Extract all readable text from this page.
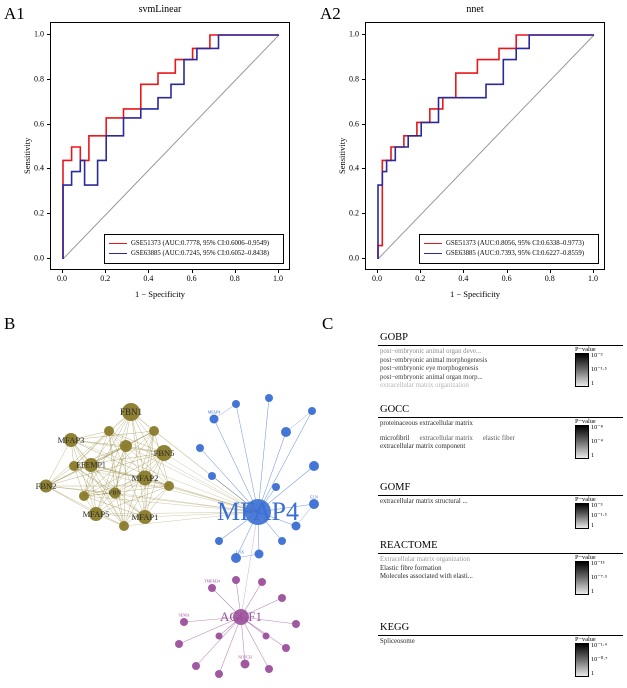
A1	A2
B	C
svmLinear
0.0	0.2	0.4	0.6	0.8	1.0
0.0
0.2
0.4
0.6
0.8
1.0
1 − Specificity
Sensitivity
GSE51373 (AUC:0.7778, 95% CI:0.6006–0.9549)
GSE63885 (AUC:0.7245, 95% CI:0.6052–0.8438)
nnet
0.0	0.2	0.4	0.6	0.8	1.0
0.0
0.2
0.4
0.6
0.8
1.0
1 − Specificity
Sensitivity
GSE51373 (AUC:0.8056, 95% CI:0.6338–0.9773)
GSE63885 (AUC:0.7393, 95% CI:0.6227–0.8559)
FBN1
MFAP3
FBN5
EFEMP1
MFAP2
FBN2
FBN
MFAP5	MFAP1
MFAP4
ELN
LOX
TMEM34
SEMA
NOTCH
MFAP4
AGGF1
GOBP
post−embryonic animal organ deve...
post−embryonic animal morphogenesis
post−embryonic eye morphogenesis
post−embryonic animal organ morp...
extracellular matrix organization
P−value
10⁻³
10⁻¹·⁵
1
GOCC
proteinaceous extracellular matrix
microfibril extracellular matrix elastic fiber
extracellular matrix component
P−value
10⁻⁸
10⁻⁴
1
GOMF
extracellular matrix structural ...	P−value
10⁻³
10⁻¹·⁵
1
REACTOME
Extracellular matrix organization
Elastic fibre formation
Molecules associated with elasti...
P−value
10⁻¹⁵
10⁻⁷·⁵
1
KEGG
Spliceosome	P−value
10⁻¹·⁴
10⁻⁰·⁷
1
